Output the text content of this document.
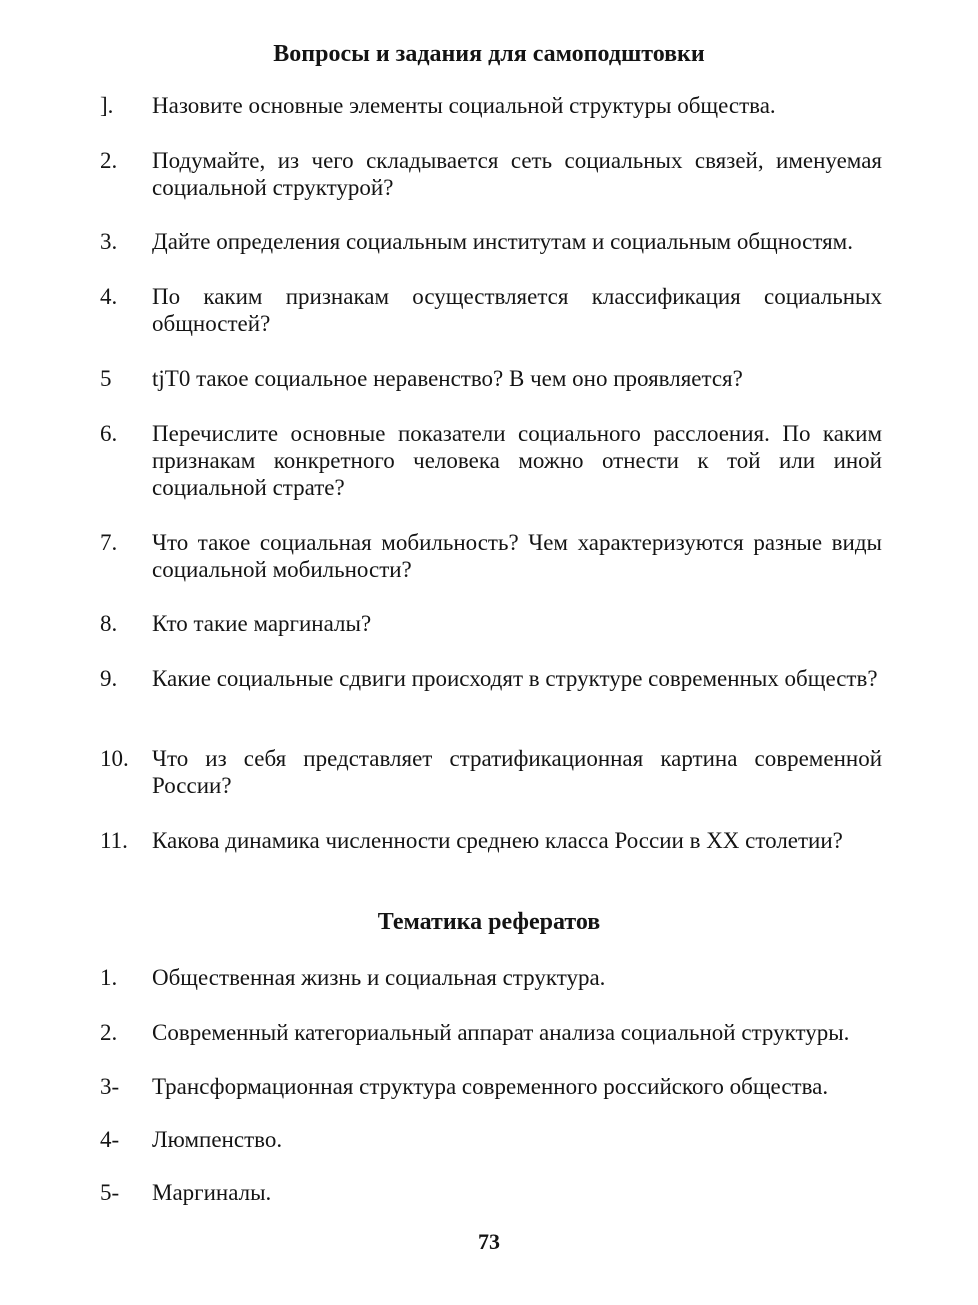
Вопросы и задания для самоподштовки
].	Назовите основные элементы социальной структуры общества.
2.	Подумайте, из чего складывается сеть социальных связей, именуемая социальной структурой?
3.	Дайте определения социальным институтам и социальным общностям.
4.	По каким признакам осуществляется классификация социальных общностей?
5	tjT0 такое социальное неравенство? В чем оно проявляется?
6.	Перечислите основные показатели социального расслоения. По каким признакам конкретного человека можно отнести к той или иной социальной страте?
7.	Что такое социальная мобильность? Чем характеризуются разные виды социальной мобильности?
8.	Кто такие маргиналы?
9.	Какие социальные сдвиги происходят в структуре современных обществ?
10.	Что из себя представляет стратификационная картина современной России?
11.	Какова динамика численности среднею класса России в XX столетии?
Тематика рефератов
1.	Общественная жизнь и социальная структура.
2.	Современный категориальный аппарат анализа социальной структуры.
3-	Трансформационная структура современного российского общества.
4-	Люмпенство.
5-	Маргиналы.
73
